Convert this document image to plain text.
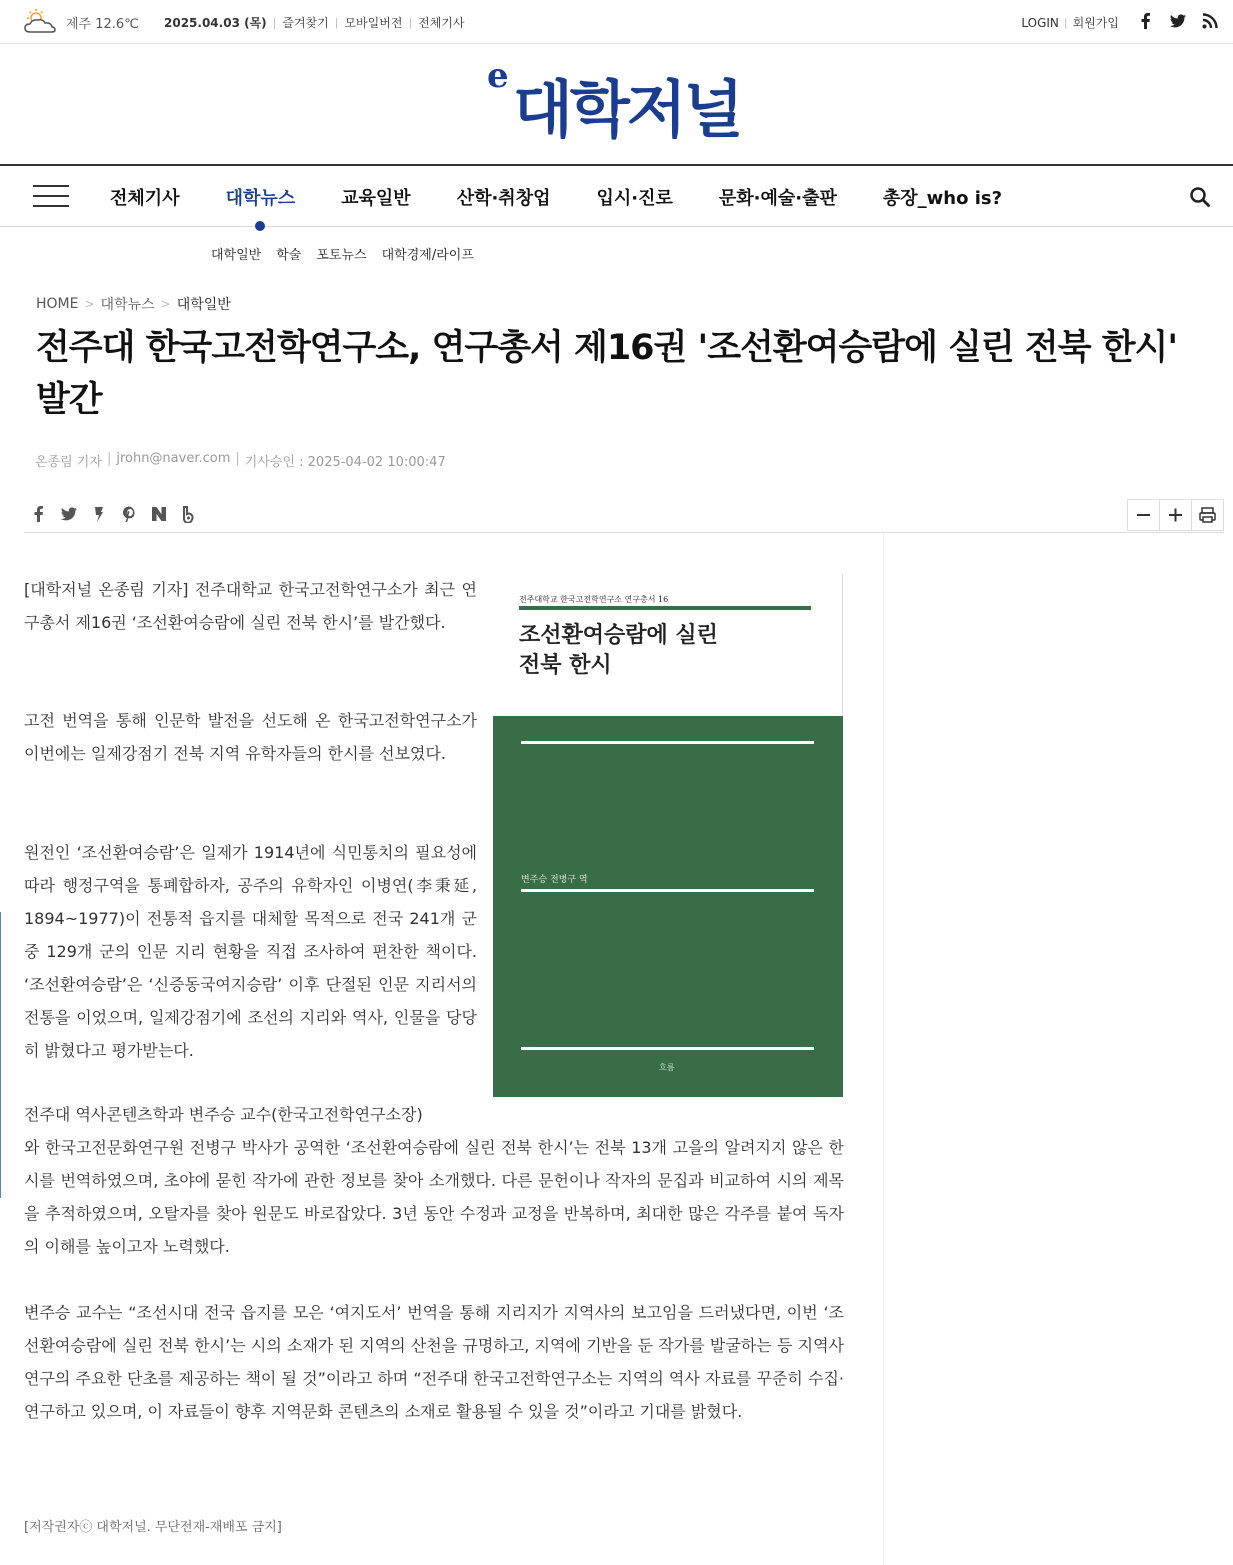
제주 12.6℃ 2025.04.03 (목) | 즐겨찾기 | 모바일버전 | 전체기사	LOGIN | 회원가입
e 대학저널
전체기사	대학뉴스	교육일반	산학·취창업	입시·진로	문화·예술·출판	총장_who is?
대학일반 학술 포토뉴스 대학경제/라이프
HOME > 대학뉴스 > 대학일반
전주대 한국고전학연구소, 연구총서 제16권 '조선환여승람에 실린 전북 한시' 발간
온종림 기자 | jrohn@naver.com | 기사승인 : 2025-04-02 10:00:47

[대학저널 온종림 기자] 전주대학교 한국고전학연구소가 최근 연구총서 제16권 ‘조선환여승람에 실린 전북 한시’를 발간했다.

고전 번역을 통해 인문학 발전을 선도해 온 한국고전학연구소가 이번에는 일제강점기 전북 지역 유학자들의 한시를 선보였다.

원전인 ‘조선환여승람’은 일제가 1914년에 식민통치의 필요성에 따라 행정구역을 통폐합하자, 공주의 유학자인 이병연(李秉延, 1894~1977)이 전통적 읍지를 대체할 목적으로 전국 241개 군 중 129개 군의 인문 지리 현황을 직접 조사하여 편찬한 책이다. ‘조선환여승람’은 ‘신증동국여지승람’ 이후 단절된 인문 지리서의 전통을 이었으며, 일제강점기에 조선의 지리와 역사, 인물을 당당히 밝혔다고 평가받는다.

전주대 역사콘텐츠학과 변주승 교수(한국고전학연구소장)

와 한국고전문화연구원 전병구 박사가 공역한 ‘조선환여승람에 실린 전북 한시’는 전북 13개 고을의 알려지지 않은 한시를 번역하였으며, 초야에 묻힌 작가에 관한 정보를 찾아 소개했다. 다른 문헌이나 작자의 문집과 비교하여 시의 제목을 추적하였으며, 오탈자를 찾아 원문도 바로잡았다. 3년 동안 수정과 교정을 반복하며, 최대한 많은 각주를 붙여 독자의 이해를 높이고자 노력했다.

변주승 교수는 “조선시대 전국 읍지를 모은 ‘여지도서’ 번역을 통해 지리지가 지역사의 보고임을 드러냈다면, 이번 ‘조선환여승람에 실린 전북 한시’는 시의 소재가 된 지역의 산천을 규명하고, 지역에 기반을 둔 작가를 발굴하는 등 지역사 연구의 주요한 단초를 제공하는 책이 될 것”이라고 하며 “전주대 한국고전학연구소는 지역의 역사 자료를 꾸준히 수집·연구하고 있으며, 이 자료들이 향후 지역문화 콘텐츠의 소재로 활용될 수 있을 것”이라고 기대를 밝혔다.

전주대학교 한국고전학연구소 연구총서 16
조선환여승람에 실린
전북 한시
변주승 전병구 역
흐름

[저작권자ⓒ 대학저널. 무단전재-재배포 금지]
